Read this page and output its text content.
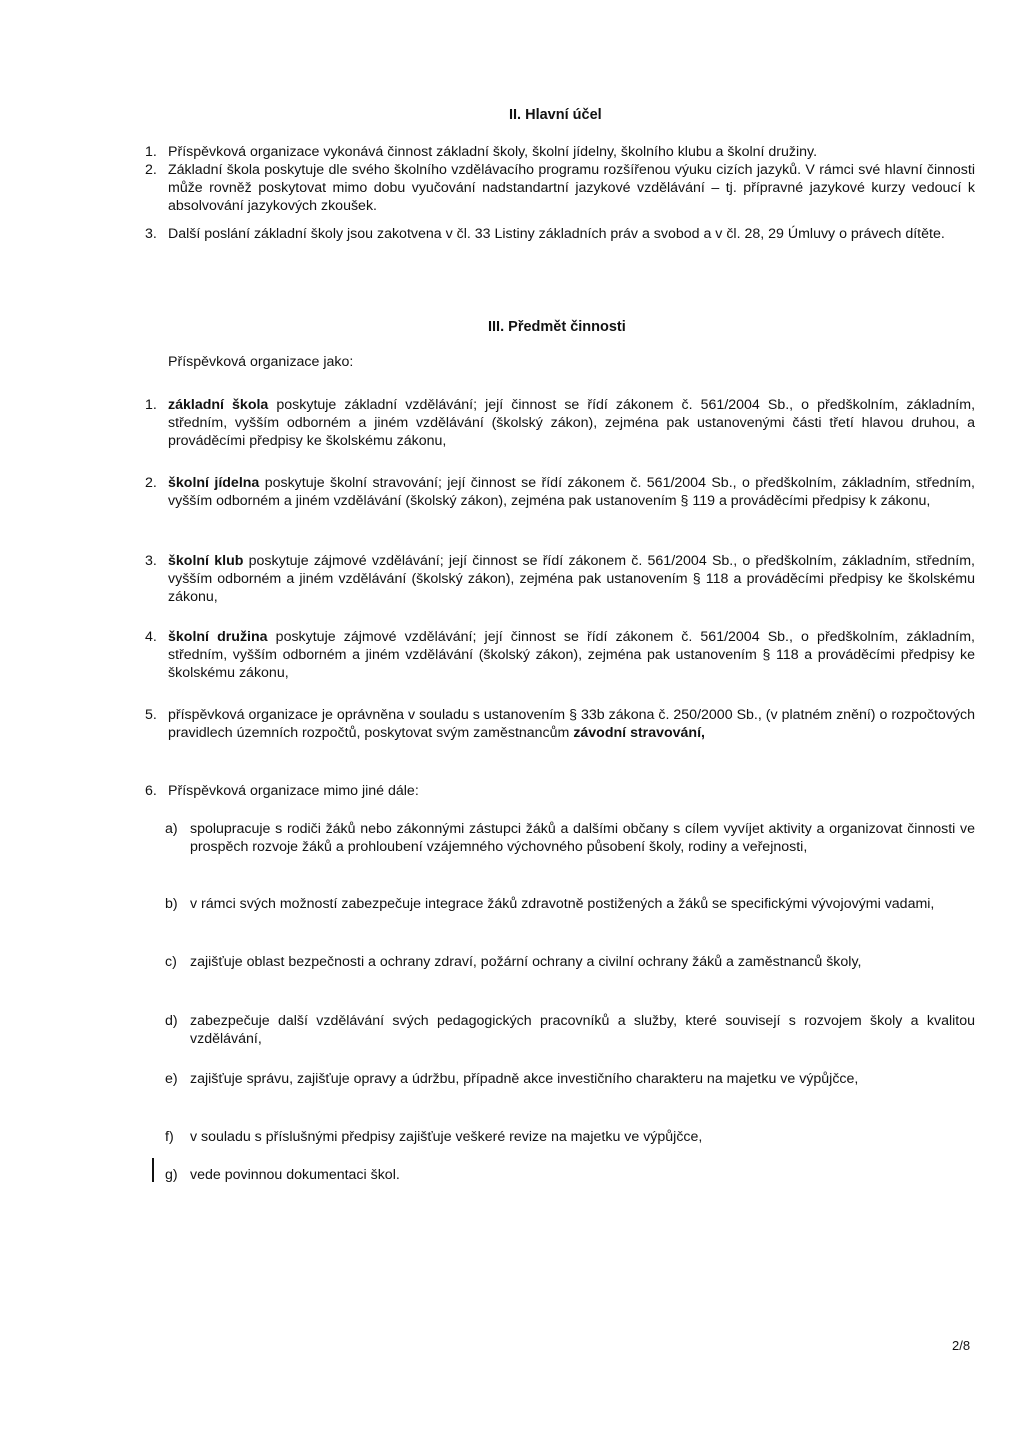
II. Hlavní účel
1. Příspěvková organizace vykonává činnost základní školy, školní jídelny, školního klubu a školní družiny.
2. Základní škola poskytuje dle svého školního vzdělávacího programu rozšířenou výuku cizích jazyků. V rámci své hlavní činnosti může rovněž poskytovat mimo dobu vyučování nadstandartní jazykové vzdělávání – tj. přípravné jazykové kurzy vedoucí k absolvování jazykových zkoušek.
3. Další poslání základní školy jsou zakotvena v čl. 33 Listiny základních práv a svobod a v čl. 28, 29 Úmluvy o právech dítěte.
III. Předmět činnosti
Příspěvková organizace jako:
1. základní škola poskytuje základní vzdělávání; její činnost se řídí zákonem č. 561/2004 Sb., o předškolním, základním, středním, vyšším odborném a jiném vzdělávání (školský zákon), zejména pak ustanovenými části třetí hlavou druhou, a prováděcími předpisy ke školskému zákonu,
2. školní jídelna poskytuje školní stravování; její činnost se řídí zákonem č. 561/2004 Sb., o předškolním, základním, středním, vyšším odborném a jiném vzdělávání (školský zákon), zejména pak ustanovením § 119 a prováděcími předpisy k zákonu,
3. školní klub poskytuje zájmové vzdělávání; její činnost se řídí zákonem č. 561/2004 Sb., o předškolním, základním, středním, vyšším odborném a jiném vzdělávání (školský zákon), zejména pak ustanovením § 118 a prováděcími předpisy ke školskému zákonu,
4. školní družina poskytuje zájmové vzdělávání; její činnost se řídí zákonem č. 561/2004 Sb., o předškolním, základním, středním, vyšším odborném a jiném vzdělávání (školský zákon), zejména pak ustanovením § 118 a prováděcími předpisy ke školskému zákonu,
5. příspěvková organizace je oprávněna v souladu s ustanovením § 33b zákona č. 250/2000 Sb., (v platném znění) o rozpočtových pravidlech územních rozpočtů, poskytovat svým zaměstnancům závodní stravování,
6. Příspěvková organizace mimo jiné dále:
a) spolupracuje s rodiči žáků nebo zákonnými zástupci žáků a dalšími občany s cílem vyvíjet aktivity a organizovat činnosti ve prospěch rozvoje žáků a prohloubení vzájemného výchovného působení školy, rodiny a veřejnosti,
b) v rámci svých možností zabezpečuje integrace žáků zdravotně postižených a žáků se specifickými vývojovými vadami,
c) zajišťuje oblast bezpečnosti a ochrany zdraví, požární ochrany a civilní ochrany žáků a zaměstnanců školy,
d) zabezpečuje další vzdělávání svých pedagogických pracovníků a služby, které souvisejí s rozvojem školy a kvalitou vzdělávání,
e) zajišťuje správu, zajišťuje opravy a údržbu, případně akce investičního charakteru na majetku ve výpůjčce,
f) v souladu s příslušnými předpisy zajišťuje veškeré revize na majetku ve výpůjčce,
g) vede povinnou dokumentaci škol.
2/8
